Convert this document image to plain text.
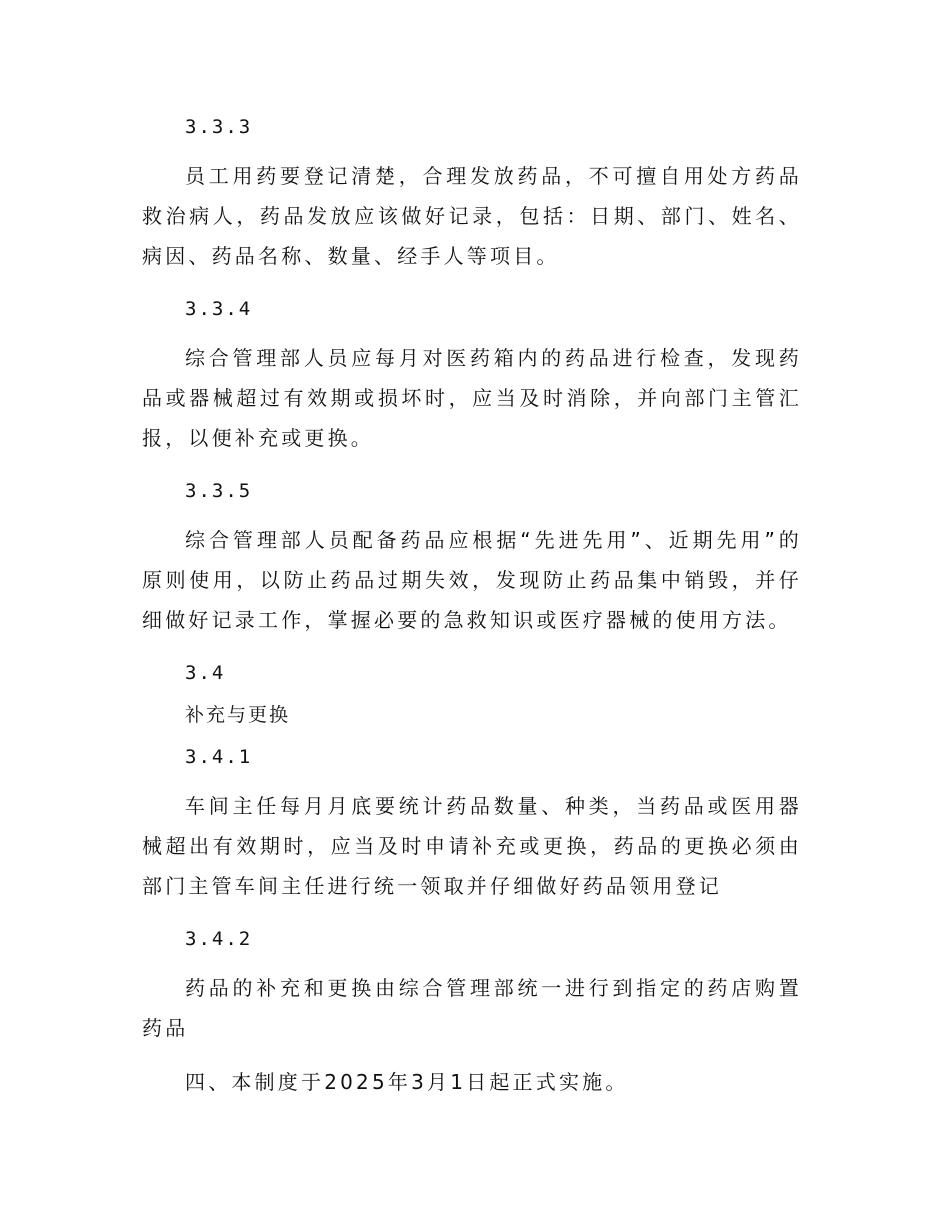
3.3.3

员工用药要登记清楚，合理发放药品，不可擅自用处方药品救治病人，药品发放应该做好记录，包括：日期、部门、姓名、病因、药品名称、数量、经手人等项目。

3.3.4

综合管理部人员应每月对医药箱内的药品进行检查，发现药品或器械超过有效期或损坏时，应当及时消除，并向部门主管汇报，以便补充或更换。

3.3.5

综合管理部人员配备药品应根据“先进先用”、近期先用”的原则使用，以防止药品过期失效，发现防止药品集中销毁，并仔细做好记录工作，掌握必要的急救知识或医疗器械的使用方法。

3.4

补充与更换

3.4.1

车间主任每月月底要统计药品数量、种类，当药品或医用器械超出有效期时，应当及时申请补充或更换，药品的更换必须由部门主管车间主任进行统一领取并仔细做好药品领用登记

3.4.2

药品的补充和更换由综合管理部统一进行到指定的药店购置药品

四、本制度于2025年3月1日起正式实施。
